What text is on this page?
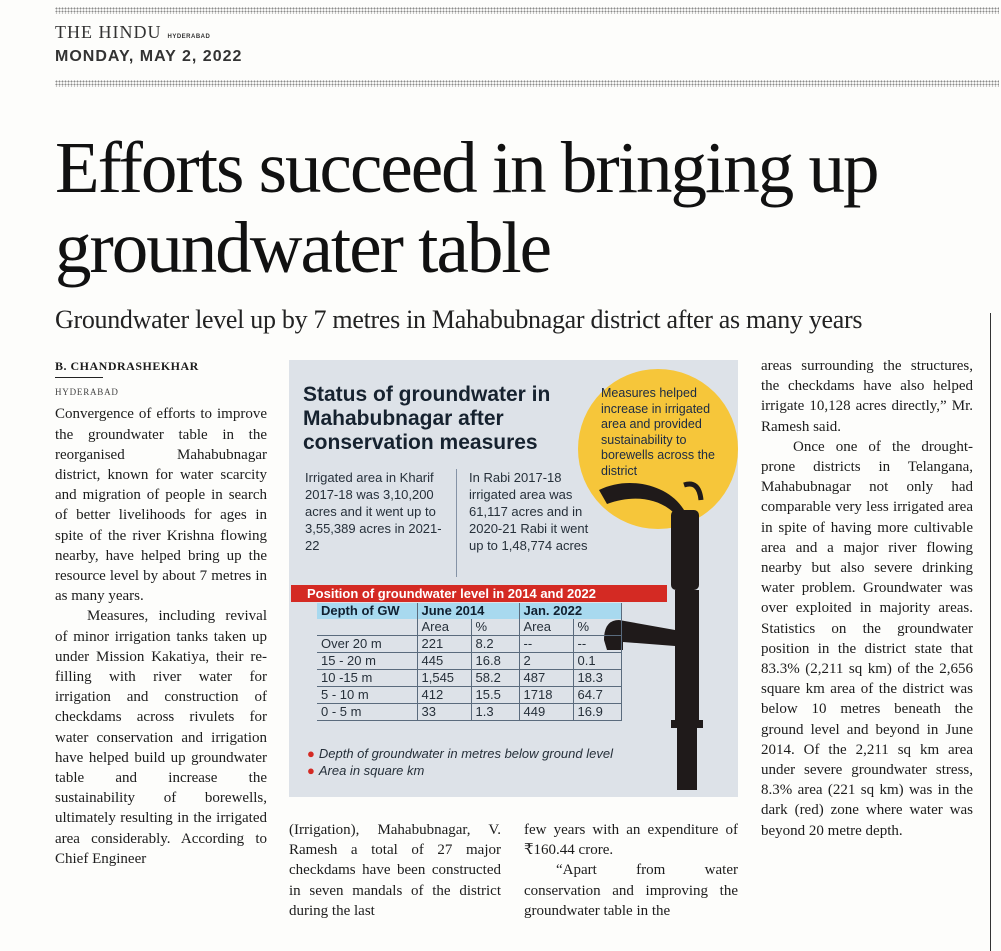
THE HINDU HYDERABAD
MONDAY, MAY 2, 2022
Efforts succeed in bringing up groundwater table
Groundwater level up by 7 metres in Mahabubnagar district after as many years
B. CHANDRASHEKHAR
HYDERABAD

Convergence of efforts to improve the groundwater table in the reorganised Mahabubnagar district, known for water scarcity and migration of people in search of better livelihoods for ages in spite of the river Krishna flowing nearby, have helped bring up the resource level by about 7 metres in as many years.

Measures, including revival of minor irrigation tanks taken up under Mission Kakatiya, their re-filling with river water for irrigation and construction of checkdams across rivulets for water conservation and irrigation have helped build up groundwater table and increase the sustainability of borewells, ultimately resulting in the irrigated area considerably. According to Chief Engineer

Measures helped increase in irrigated area and provided sustainability to borewells across the district
Status of groundwater in Mahabubnagar after conservation measures
Irrigated area in Kharif 2017-18 was 3,10,200 acres and it went up to 3,55,389 acres in 2021-22
In Rabi 2017-18 irrigated area was 61,117 acres and in 2020-21 Rabi it went up to 1,48,774 acres
Position of groundwater level in 2014 and 2022
Depth of GW	June 2014		Jan. 2022	
	Area	%	Area	%
Over 20 m	221	8.2	--	--
15 - 20 m	445	16.8	2	0.1
10 -15 m	1,545	58.2	487	18.3
5 - 10 m	412	15.5	1718	64.7
0 - 5 m	33	1.3	449	16.9
● Depth of groundwater in metres below ground level
● Area in square km

(Irrigation), Mahabubnagar, V. Ramesh a total of 27 major checkdams have been constructed in seven mandals of the district during the last

few years with an expenditure of ₹160.44 crore.

“Apart from water conservation and improving the groundwater table in the

areas surrounding the structures, the checkdams have also helped irrigate 10,128 acres directly,” Mr. Ramesh said.

Once one of the drought-prone districts in Telangana, Mahabubnagar not only had comparable very less irrigated area in spite of having more cultivable area and a major river flowing nearby but also severe drinking water problem. Groundwater was over exploited in majority areas. Statistics on the groundwater position in the district state that 83.3% (2,211 sq km) of the 2,656 square km area of the district was below 10 metres beneath the ground level and beyond in June 2014. Of the 2,211 sq km area under severe groundwater stress, 8.3% area (221 sq km) was in the dark (red) zone where water was beyond 20 metre depth.
